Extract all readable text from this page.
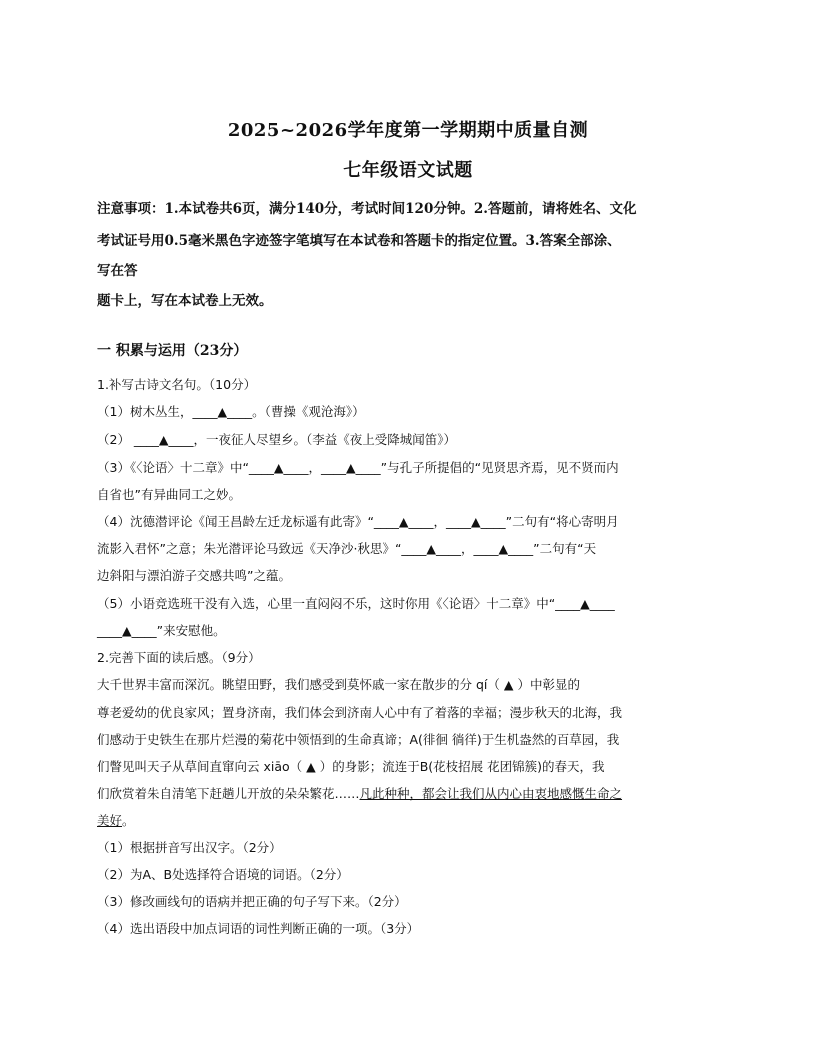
2025~2026学年度第一学期期中质量自测
七年级语文试题
注意事项：1.本试卷共6页，满分140分，考试时间120分钟。2.答题前，请将姓名、文化
考试证号用0.5毫米黑色字迹签字笔填写在本试卷和答题卡的指定位置。3.答案全部涂、
写在答
题卡上，写在本试卷上无效。
一 积累与运用（23分）
1.补写古诗文名句。（10分）
（1）树木丛生，____▲____。（曹操《观沧海》）
（2） ____▲____，一夜征人尽望乡。（李益《夜上受降城闻笛》）
（3）《〈论语〉十二章》中“____▲____，____▲____”与孔子所提倡的“见贤思齐焉，见不贤而内
自省也”有异曲同工之妙。
（4）沈德潜评论《闻王昌龄左迁龙标遥有此寄》“____▲____，____▲____”二句有“将心寄明月
流影入君怀”之意；朱光潜评论马致远《天净沙·秋思》“____▲____，____▲____”二句有“天
边斜阳与漂泊游子交感共鸣”之蕴。
（5）小语竞选班干没有入选，心里一直闷闷不乐，这时你用《〈论语〉十二章》中“____▲____
____▲____”来安慰他。
2.完善下面的读后感。（9分）
大千世界丰富而深沉。眺望田野，我们感受到莫怀戚一家在散步的分 qí（ ▲ ）中彰显的
尊老爱幼的优良家风；置身济南，我们体会到济南人心中有了着落的幸福；漫步秋天的北海，我
们感动于史铁生在那片烂漫的菊花中领悟到的生命真谛；A(徘徊 徜徉)于生机盎然的百草园，我
们瞥见叫天子从草间直窜向云 xiāo（ ▲ ）的身影；流连于B(花枝招展 花团锦簇)的春天，我
们欣赏着朱自清笔下赶趟儿开放的朵朵繁花……凡此种种，都会让我们从内心由衷地感慨生命之
美好。
（1）根据拼音写出汉字。（2分）
（2）为A、B处选择符合语境的词语。（2分）
（3）修改画线句的语病并把正确的句子写下来。（2分）
（4）选出语段中加点词语的词性判断正确的一项。（3分）
